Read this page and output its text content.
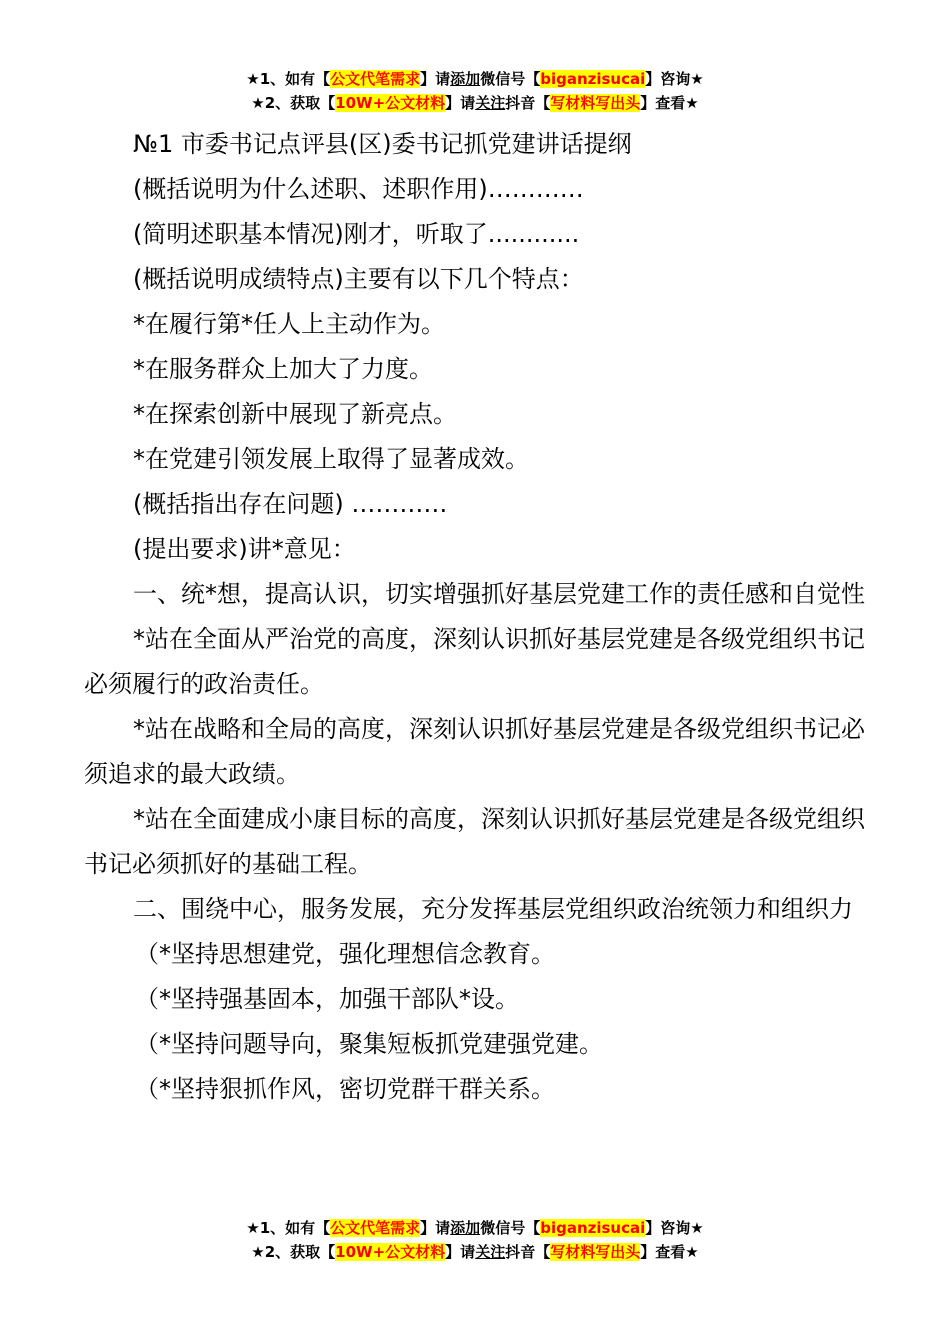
★1、如有【公文代笔需求】请添加微信号【biganzisucai】咨询★
★2、获取【10W+公文材料】请关注抖音【写材料写出头】查看★

№1 市委书记点评县(区)委书记抓党建讲话提纲

(概括说明为什么述职、述职作用)…………

(简明述职基本情况)刚才，听取了............

(概括说明成绩特点)主要有以下几个特点：

*在履行第*任人上主动作为。

*在服务群众上加大了力度。

*在探索创新中展现了新亮点。

*在党建引领发展上取得了显著成效。

(概括指出存在问题) …………

(提出要求)讲*意见：

一、统*想，提高认识，切实增强抓好基层党建工作的责任感和自觉性

*站在全面从严治党的高度，深刻认识抓好基层党建是各级党组织书记必须履行的政治责任。

*站在战略和全局的高度，深刻认识抓好基层党建是各级党组织书记必须追求的最大政绩。

*站在全面建成小康目标的高度，深刻认识抓好基层党建是各级党组织书记必须抓好的基础工程。

二、围绕中心，服务发展，充分发挥基层党组织政治统领力和组织力

（*坚持思想建党，强化理想信念教育。

（*坚持强基固本，加强干部队*设。

（*坚持问题导向，聚集短板抓党建强党建。

（*坚持狠抓作风，密切党群干群关系。

★1、如有【公文代笔需求】请添加微信号【biganzisucai】咨询★
★2、获取【10W+公文材料】请关注抖音【写材料写出头】查看★
